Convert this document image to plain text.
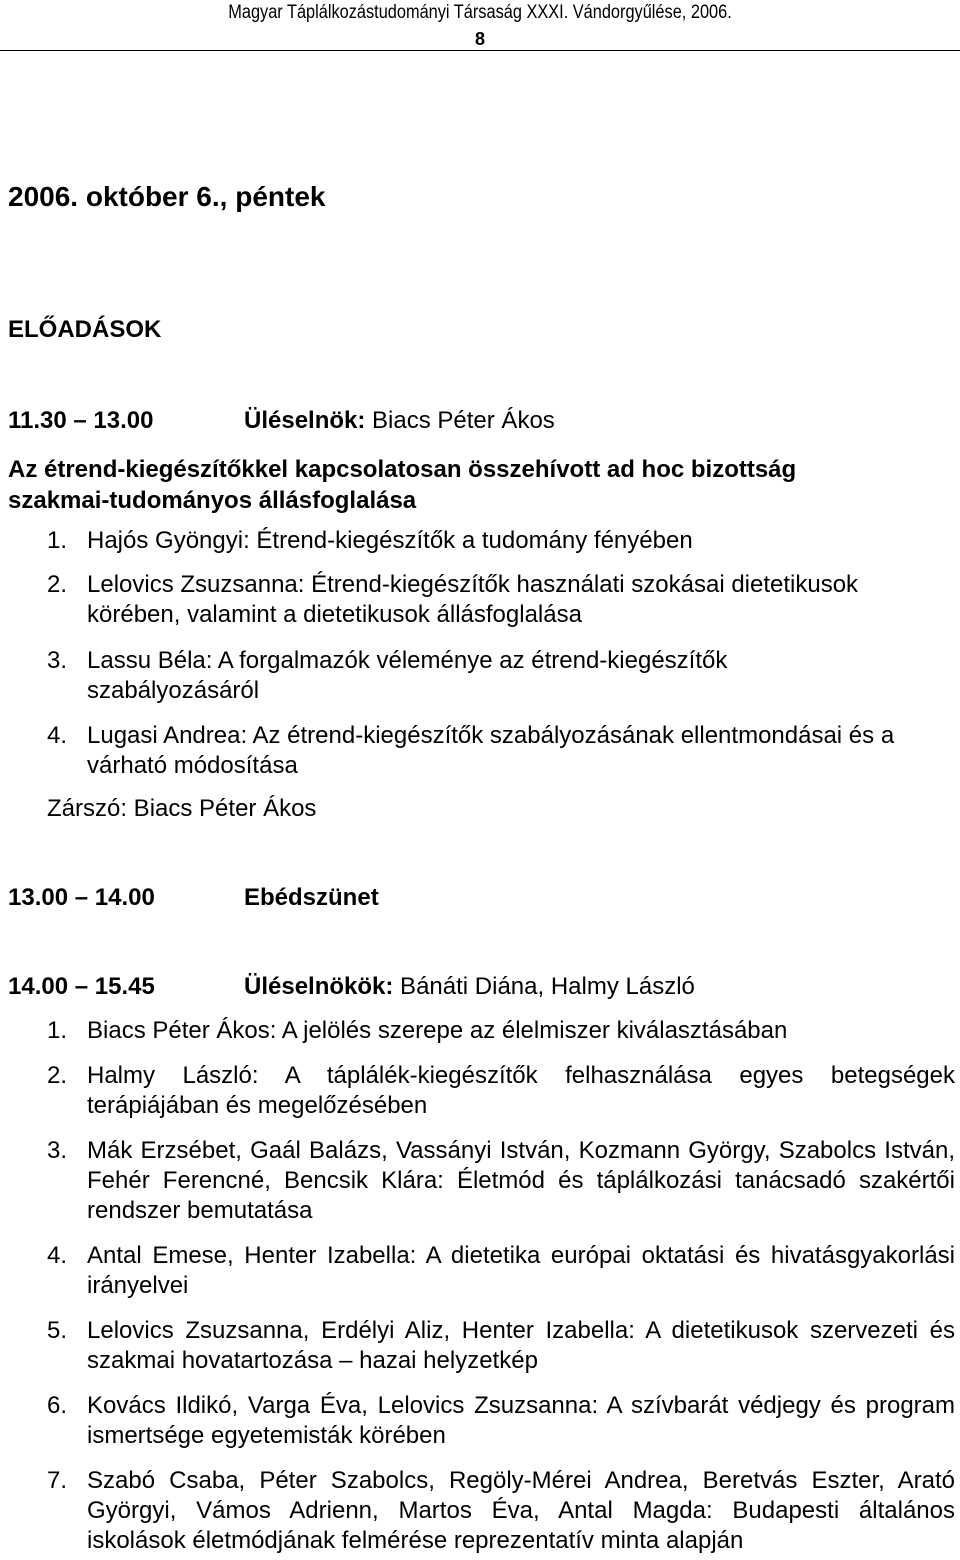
Magyar Táplálkozástudományi Társaság XXXI. Vándorgyűlése, 2006.
8
2006. október 6., péntek
ELŐADÁSOK
11.30 – 13.00	Üléselnök: Biacs Péter Ákos
Az étrend-kiegészítőkkel kapcsolatosan összehívott ad hoc bizottság
szakmai-tudományos állásfoglalása
1. Hajós Gyöngyi: Étrend-kiegészítők a tudomány fényében
2. Lelovics Zsuzsanna: Étrend-kiegészítők használati szokásai dietetikusok körében, valamint a dietetikusok állásfoglalása
3. Lassu Béla: A forgalmazók véleménye az étrend-kiegészítők szabályozásáról
4. Lugasi Andrea: Az étrend-kiegészítők szabályozásának ellentmondásai és a várható módosítása
Zárszó: Biacs Péter Ákos
13.00 – 14.00	Ebédszünet
14.00 – 15.45	Üléselnökök: Bánáti Diána, Halmy László
1. Biacs Péter Ákos: A jelölés szerepe az élelmiszer kiválasztásában
2. Halmy László: A táplálék-kiegészítők felhasználása egyes betegségek terápiájában és megelőzésében
3. Mák Erzsébet, Gaál Balázs, Vassányi István, Kozmann György, Szabolcs István, Fehér Ferencné, Bencsik Klára: Életmód és táplálkozási tanácsadó szakértői rendszer bemutatása
4. Antal Emese, Henter Izabella: A dietetika európai oktatási és hivatásgyakorlási irányelvei
5. Lelovics Zsuzsanna, Erdélyi Aliz, Henter Izabella: A dietetikusok szervezeti és szakmai hovatartozása – hazai helyzetkép
6. Kovács Ildikó, Varga Éva, Lelovics Zsuzsanna: A szívbarát védjegy és program ismertsége egyetemisták körében
7. Szabó Csaba, Péter Szabolcs, Regöly-Mérei Andrea, Beretvás Eszter, Arató Györgyi, Vámos Adrienn, Martos Éva, Antal Magda: Budapesti általános iskolások életmódjának felmérése reprezentatív minta alapján
